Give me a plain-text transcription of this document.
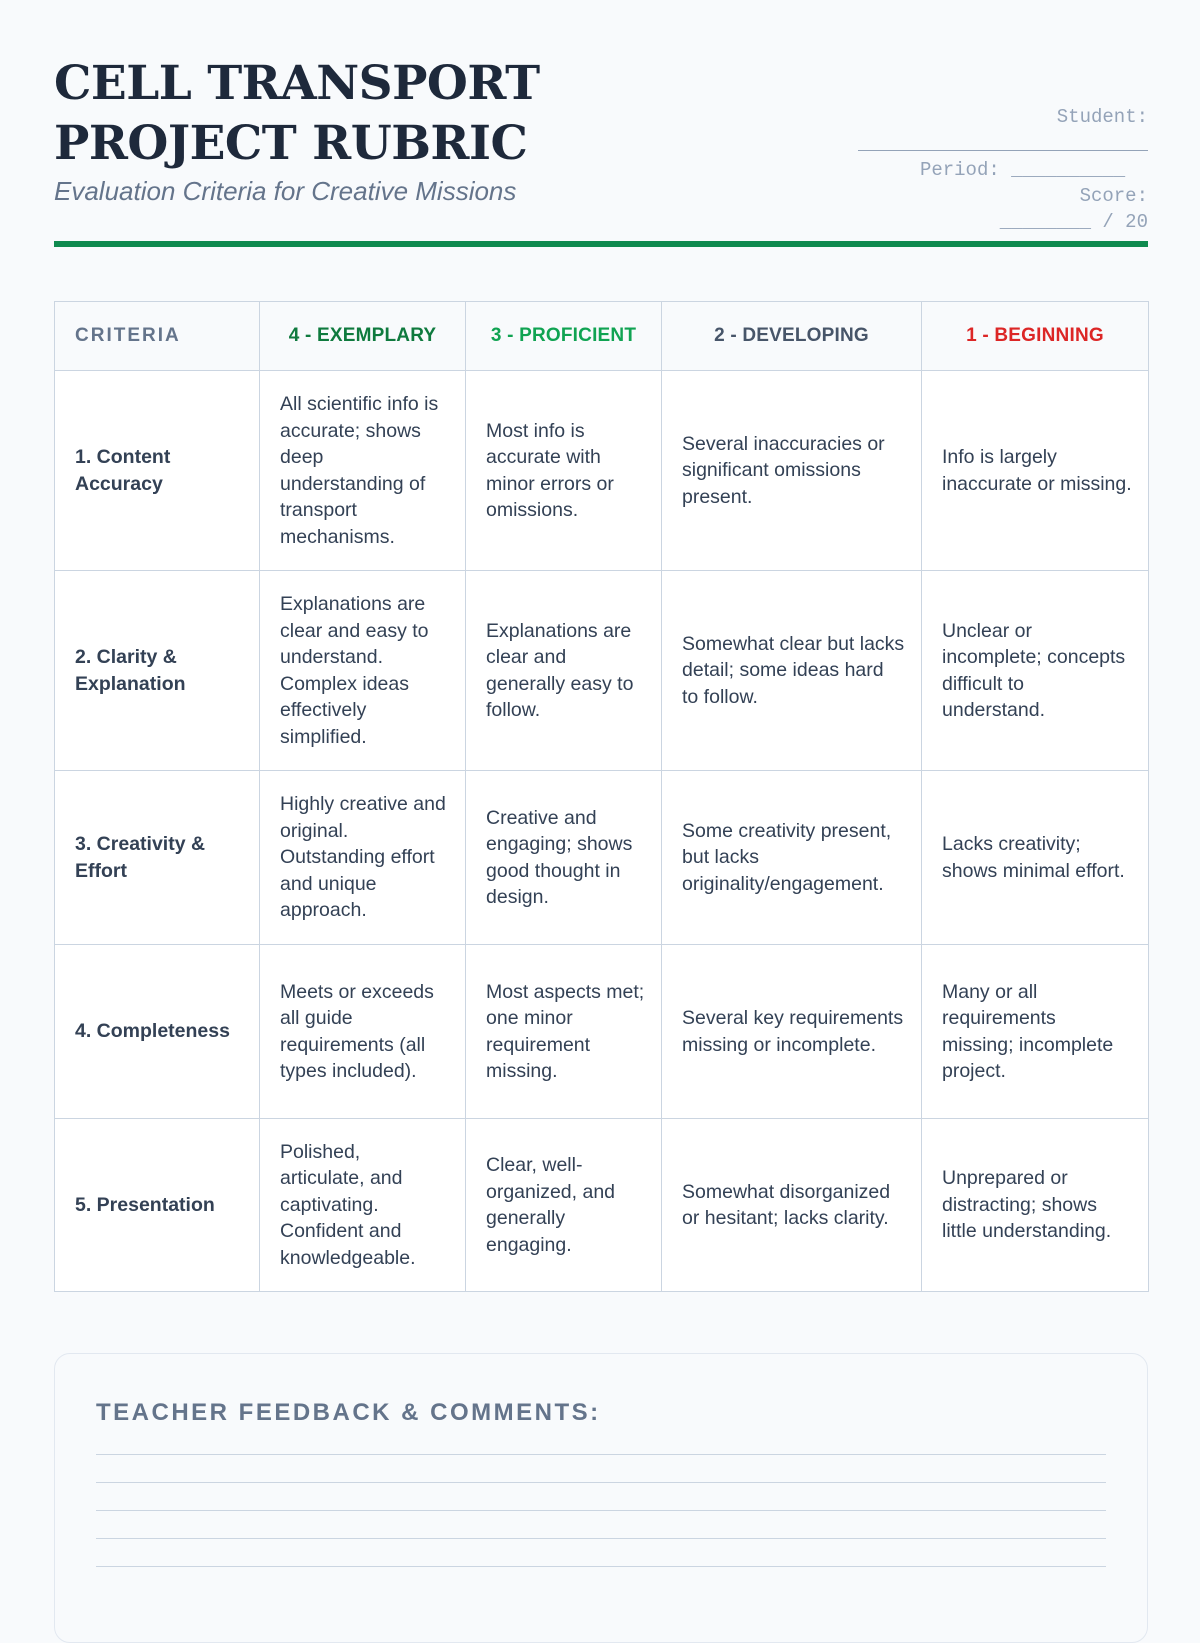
CELL TRANSPORT PROJECT RUBRIC
Evaluation Criteria for Creative Missions
Student:
Period: __________   Score:
________ / 20
CRITERIA	4 - EXEMPLARY	3 - PROFICIENT	2 - DEVELOPING	1 - BEGINNING
1. Content Accuracy	All scientific info is accurate; shows deep understanding of transport mechanisms.	Most info is accurate with minor errors or omissions.	Several inaccuracies or significant omissions present.	Info is largely inaccurate or missing.
2. Clarity & Explanation	Explanations are clear and easy to understand. Complex ideas effectively simplified.	Explanations are clear and generally easy to follow.	Somewhat clear but lacks detail; some ideas hard to follow.	Unclear or incomplete; concepts difficult to understand.
3. Creativity & Effort	Highly creative and original. Outstanding effort and unique approach.	Creative and engaging; shows good thought in design.	Some creativity present, but lacks originality/engagement.	Lacks creativity; shows minimal effort.
4. Completeness	Meets or exceeds all guide requirements (all types included).	Most aspects met; one minor requirement missing.	Several key requirements missing or incomplete.	Many or all requirements missing; incomplete project.
5. Presentation	Polished, articulate, and captivating. Confident and knowledgeable.	Clear, well-organized, and generally engaging.	Somewhat disorganized or hesitant; lacks clarity.	Unprepared or distracting; shows little understanding.
TEACHER FEEDBACK & COMMENTS:
